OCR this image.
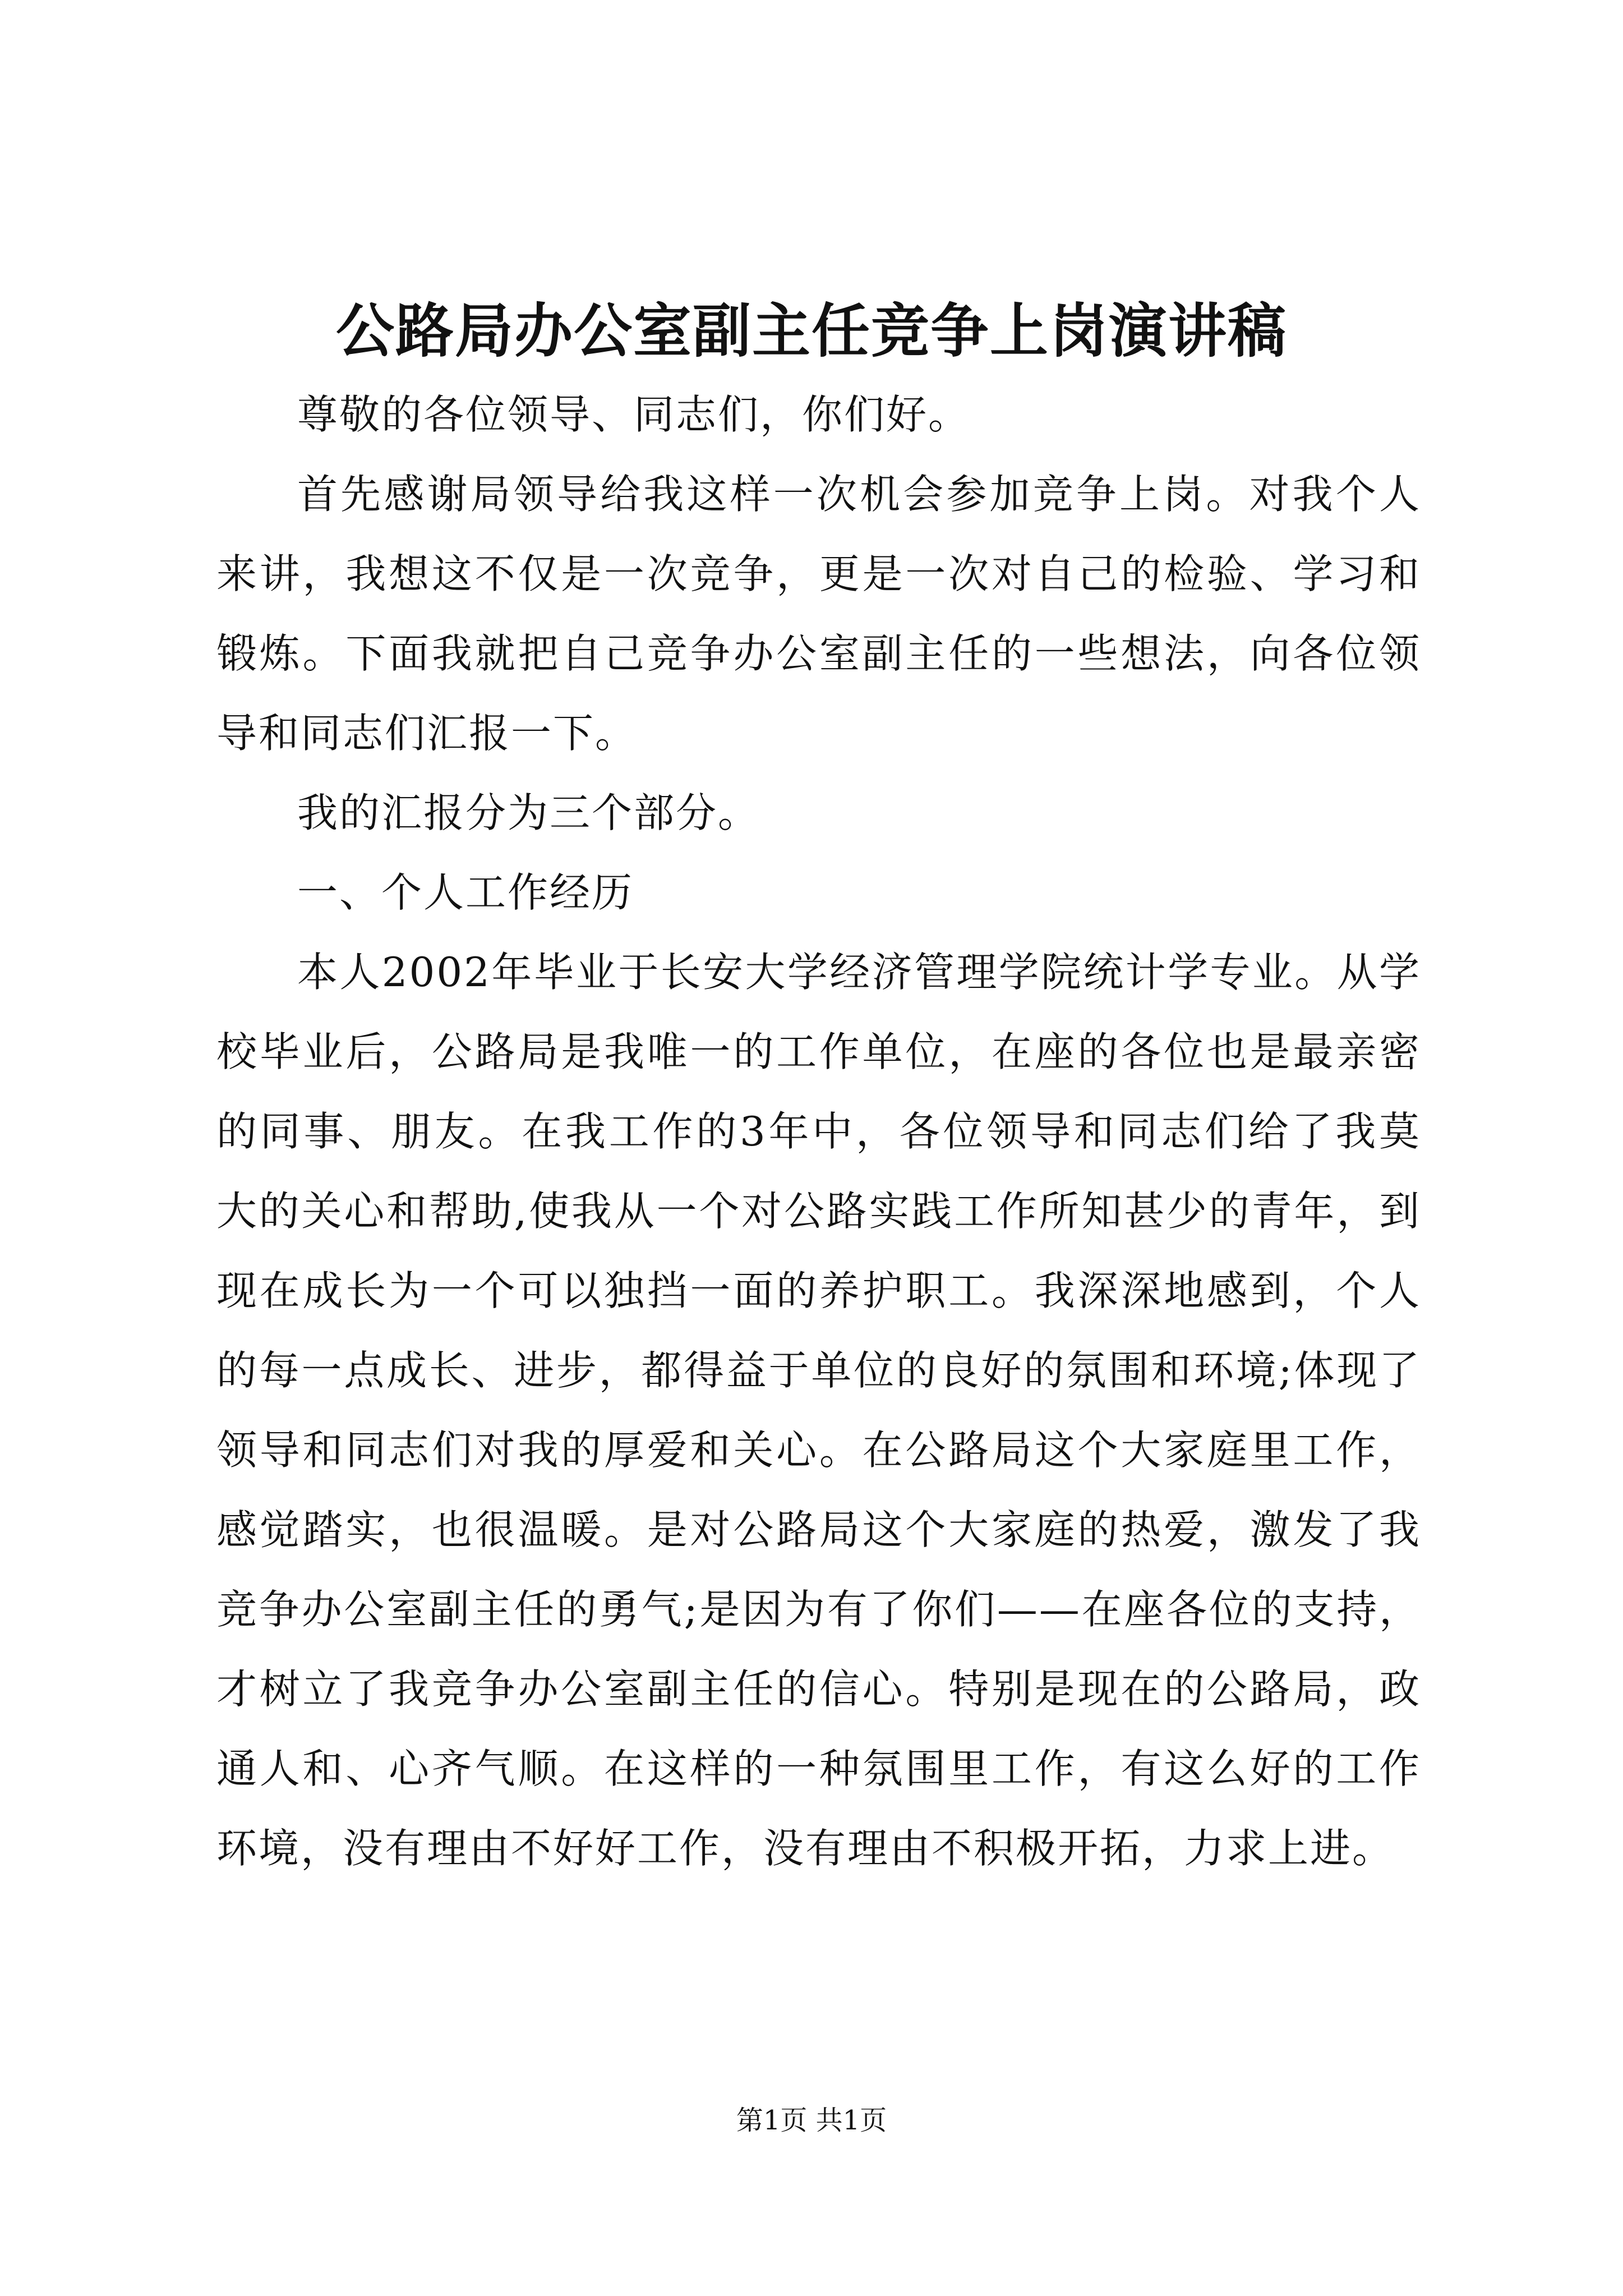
公路局办公室副主任竞争上岗演讲稿

尊敬的各位领导、同志们，你们好。

首先感谢局领导给我这样一次机会参加竞争上岗。对我个人来讲，我想这不仅是一次竞争，更是一次对自己的检验、学习和锻炼。下面我就把自己竞争办公室副主任的一些想法，向各位领导和同志们汇报一下。

我的汇报分为三个部分。

一、个人工作经历

本人2002年毕业于长安大学经济管理学院统计学专业。从学校毕业后，公路局是我唯一的工作单位，在座的各位也是最亲密的同事、朋友。在我工作的3年中，各位领导和同志们给了我莫大的关心和帮助,使我从一个对公路实践工作所知甚少的青年，到现在成长为一个可以独挡一面的养护职工。我深深地感到，个人的每一点成长、进步，都得益于单位的良好的氛围和环境;体现了领导和同志们对我的厚爱和关心。在公路局这个大家庭里工作，感觉踏实，也很温暖。是对公路局这个大家庭的热爱，激发了我竞争办公室副主任的勇气;是因为有了你们——在座各位的支持，才树立了我竞争办公室副主任的信心。特别是现在的公路局，政通人和、心齐气顺。在这样的一种氛围里工作，有这么好的工作环境，没有理由不好好工作，没有理由不积极开拓，力求上进。

第1页 共1页
